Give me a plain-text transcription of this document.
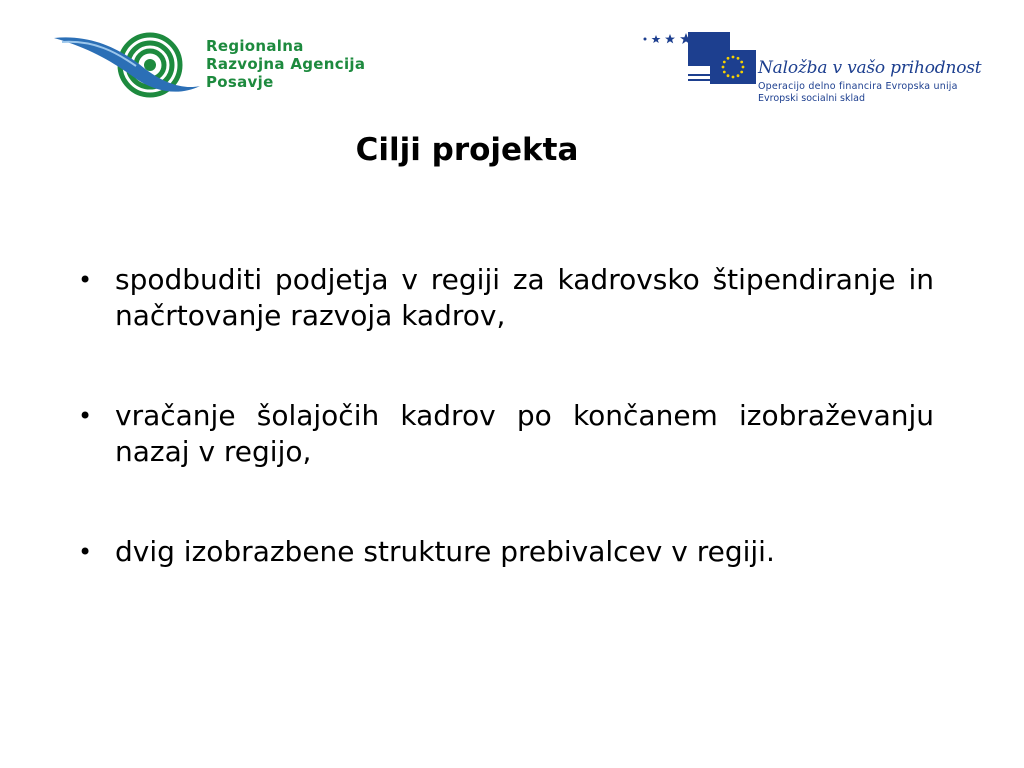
Regionalna
Razvojna Agencija
Posavje
Naložba v vašo prihodnost
Operacijo delno financira Evropska unija
Evropski socialni sklad
Cilji projekta
• spodbuditi podjetja v regiji za kadrovsko štipendiranje in načrtovanje razvoja kadrov,
• vračanje šolajočih kadrov po končanem izobraževanju nazaj v regijo,
• dvig izobrazbene strukture prebivalcev v regiji.
